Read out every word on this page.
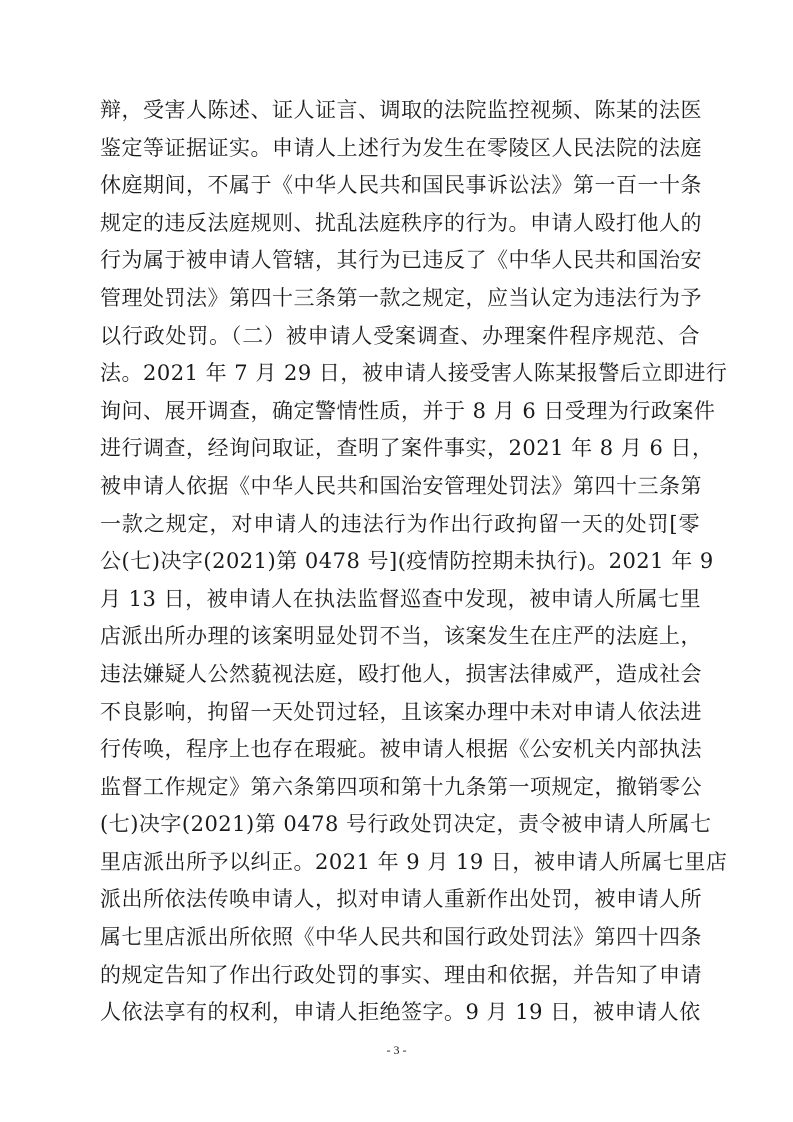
辩，受害人陈述、证人证言、调取的法院监控视频、陈某的法医
鉴定等证据证实。申请人上述行为发生在零陵区人民法院的法庭
休庭期间，不属于《中华人民共和国民事诉讼法》第一百一十条
规定的违反法庭规则、扰乱法庭秩序的行为。申请人殴打他人的
行为属于被申请人管辖，其行为已违反了《中华人民共和国治安
管理处罚法》第四十三条第一款之规定，应当认定为违法行为予
以行政处罚。（二）被申请人受案调查、办理案件程序规范、合
法。2021 年 7 月 29 日，被申请人接受害人陈某报警后立即进行
询问、展开调查，确定警情性质，并于 8 月 6 日受理为行政案件
进行调查，经询问取证，查明了案件事实，2021 年 8 月 6 日，
被申请人依据《中华人民共和国治安管理处罚法》第四十三条第
一款之规定，对申请人的违法行为作出行政拘留一天的处罚[零
公(七)决字(2021)第 0478 号](疫情防控期未执行)。2021 年 9
月 13 日，被申请人在执法监督巡查中发现，被申请人所属七里
店派出所办理的该案明显处罚不当，该案发生在庄严的法庭上，
违法嫌疑人公然藐视法庭，殴打他人，损害法律威严，造成社会
不良影响，拘留一天处罚过轻，且该案办理中未对申请人依法进
行传唤，程序上也存在瑕疵。被申请人根据《公安机关内部执法
监督工作规定》第六条第四项和第十九条第一项规定，撤销零公
(七)决字(2021)第 0478 号行政处罚决定，责令被申请人所属七
里店派出所予以纠正。2021 年 9 月 19 日，被申请人所属七里店
派出所依法传唤申请人，拟对申请人重新作出处罚，被申请人所
属七里店派出所依照《中华人民共和国行政处罚法》第四十四条
的规定告知了作出行政处罚的事实、理由和依据，并告知了申请
人依法享有的权利，申请人拒绝签字。9 月 19 日，被申请人依
- 3 -
